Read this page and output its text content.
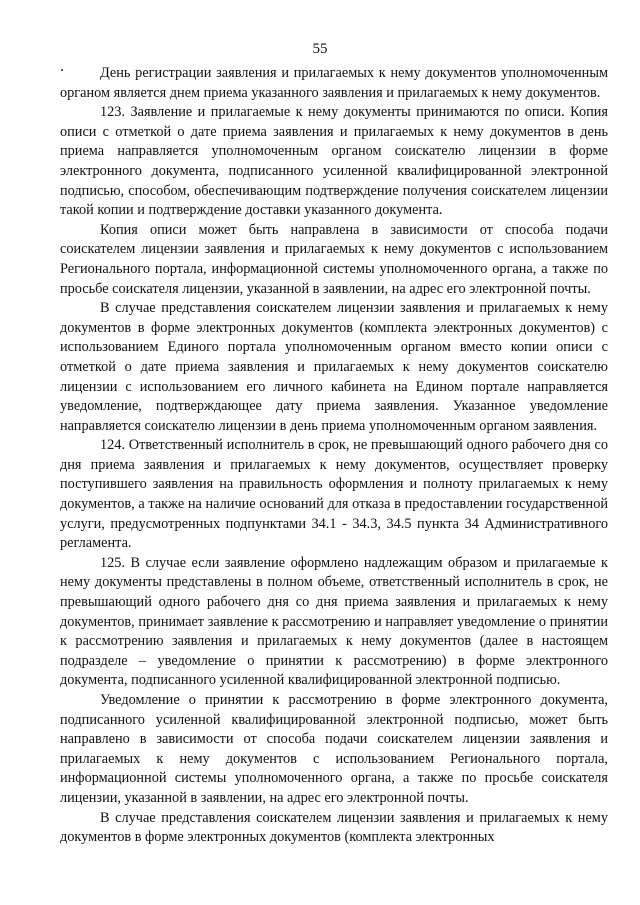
55

День регистрации заявления и прилагаемых к нему документов уполномоченным органом является днем приема указанного заявления и прилагаемых к нему документов.

123. Заявление и прилагаемые к нему документы принимаются по описи. Копия описи с отметкой о дате приема заявления и прилагаемых к нему документов в день приема направляется уполномоченным органом соискателю лицензии в форме электронного документа, подписанного усиленной квалифицированной электронной подписью, способом, обеспечивающим подтверждение получения соискателем лицензии такой копии и подтверждение доставки указанного документа.

Копия описи может быть направлена в зависимости от способа подачи соискателем лицензии заявления и прилагаемых к нему документов с использованием Регионального портала, информационной системы уполномоченного органа, а также по просьбе соискателя лицензии, указанной в заявлении, на адрес его электронной почты.

В случае представления соискателем лицензии заявления и прилагаемых к нему документов в форме электронных документов (комплекта электронных документов) с использованием Единого портала уполномоченным органом вместо копии описи с отметкой о дате приема заявления и прилагаемых к нему документов соискателю лицензии с использованием его личного кабинета на Едином портале направляется уведомление, подтверждающее дату приема заявления. Указанное уведомление направляется соискателю лицензии в день приема уполномоченным органом заявления.

124. Ответственный исполнитель в срок, не превышающий одного рабочего дня со дня приема заявления и прилагаемых к нему документов, осуществляет проверку поступившего заявления на правильность оформления и полноту прилагаемых к нему документов, а также на наличие оснований для отказа в предоставлении государственной услуги, предусмотренных подпунктами 34.1 - 34.3, 34.5 пункта 34 Административного регламента.

125. В случае если заявление оформлено надлежащим образом и прилагаемые к нему документы представлены в полном объеме, ответственный исполнитель в срок, не превышающий одного рабочего дня со дня приема заявления и прилагаемых к нему документов, принимает заявление к рассмотрению и направляет уведомление о принятии к рассмотрению заявления и прилагаемых к нему документов (далее в настоящем подразделе – уведомление о принятии к рассмотрению) в форме электронного документа, подписанного усиленной квалифицированной электронной подписью.

Уведомление о принятии к рассмотрению в форме электронного документа, подписанного усиленной квалифицированной электронной подписью, может быть направлено в зависимости от способа подачи соискателем лицензии заявления и прилагаемых к нему документов с использованием Регионального портала, информационной системы уполномоченного органа, а также по просьбе соискателя лицензии, указанной в заявлении, на адрес его электронной почты.

В случае представления соискателем лицензии заявления и прилагаемых к нему документов в форме электронных документов (комплекта электронных
